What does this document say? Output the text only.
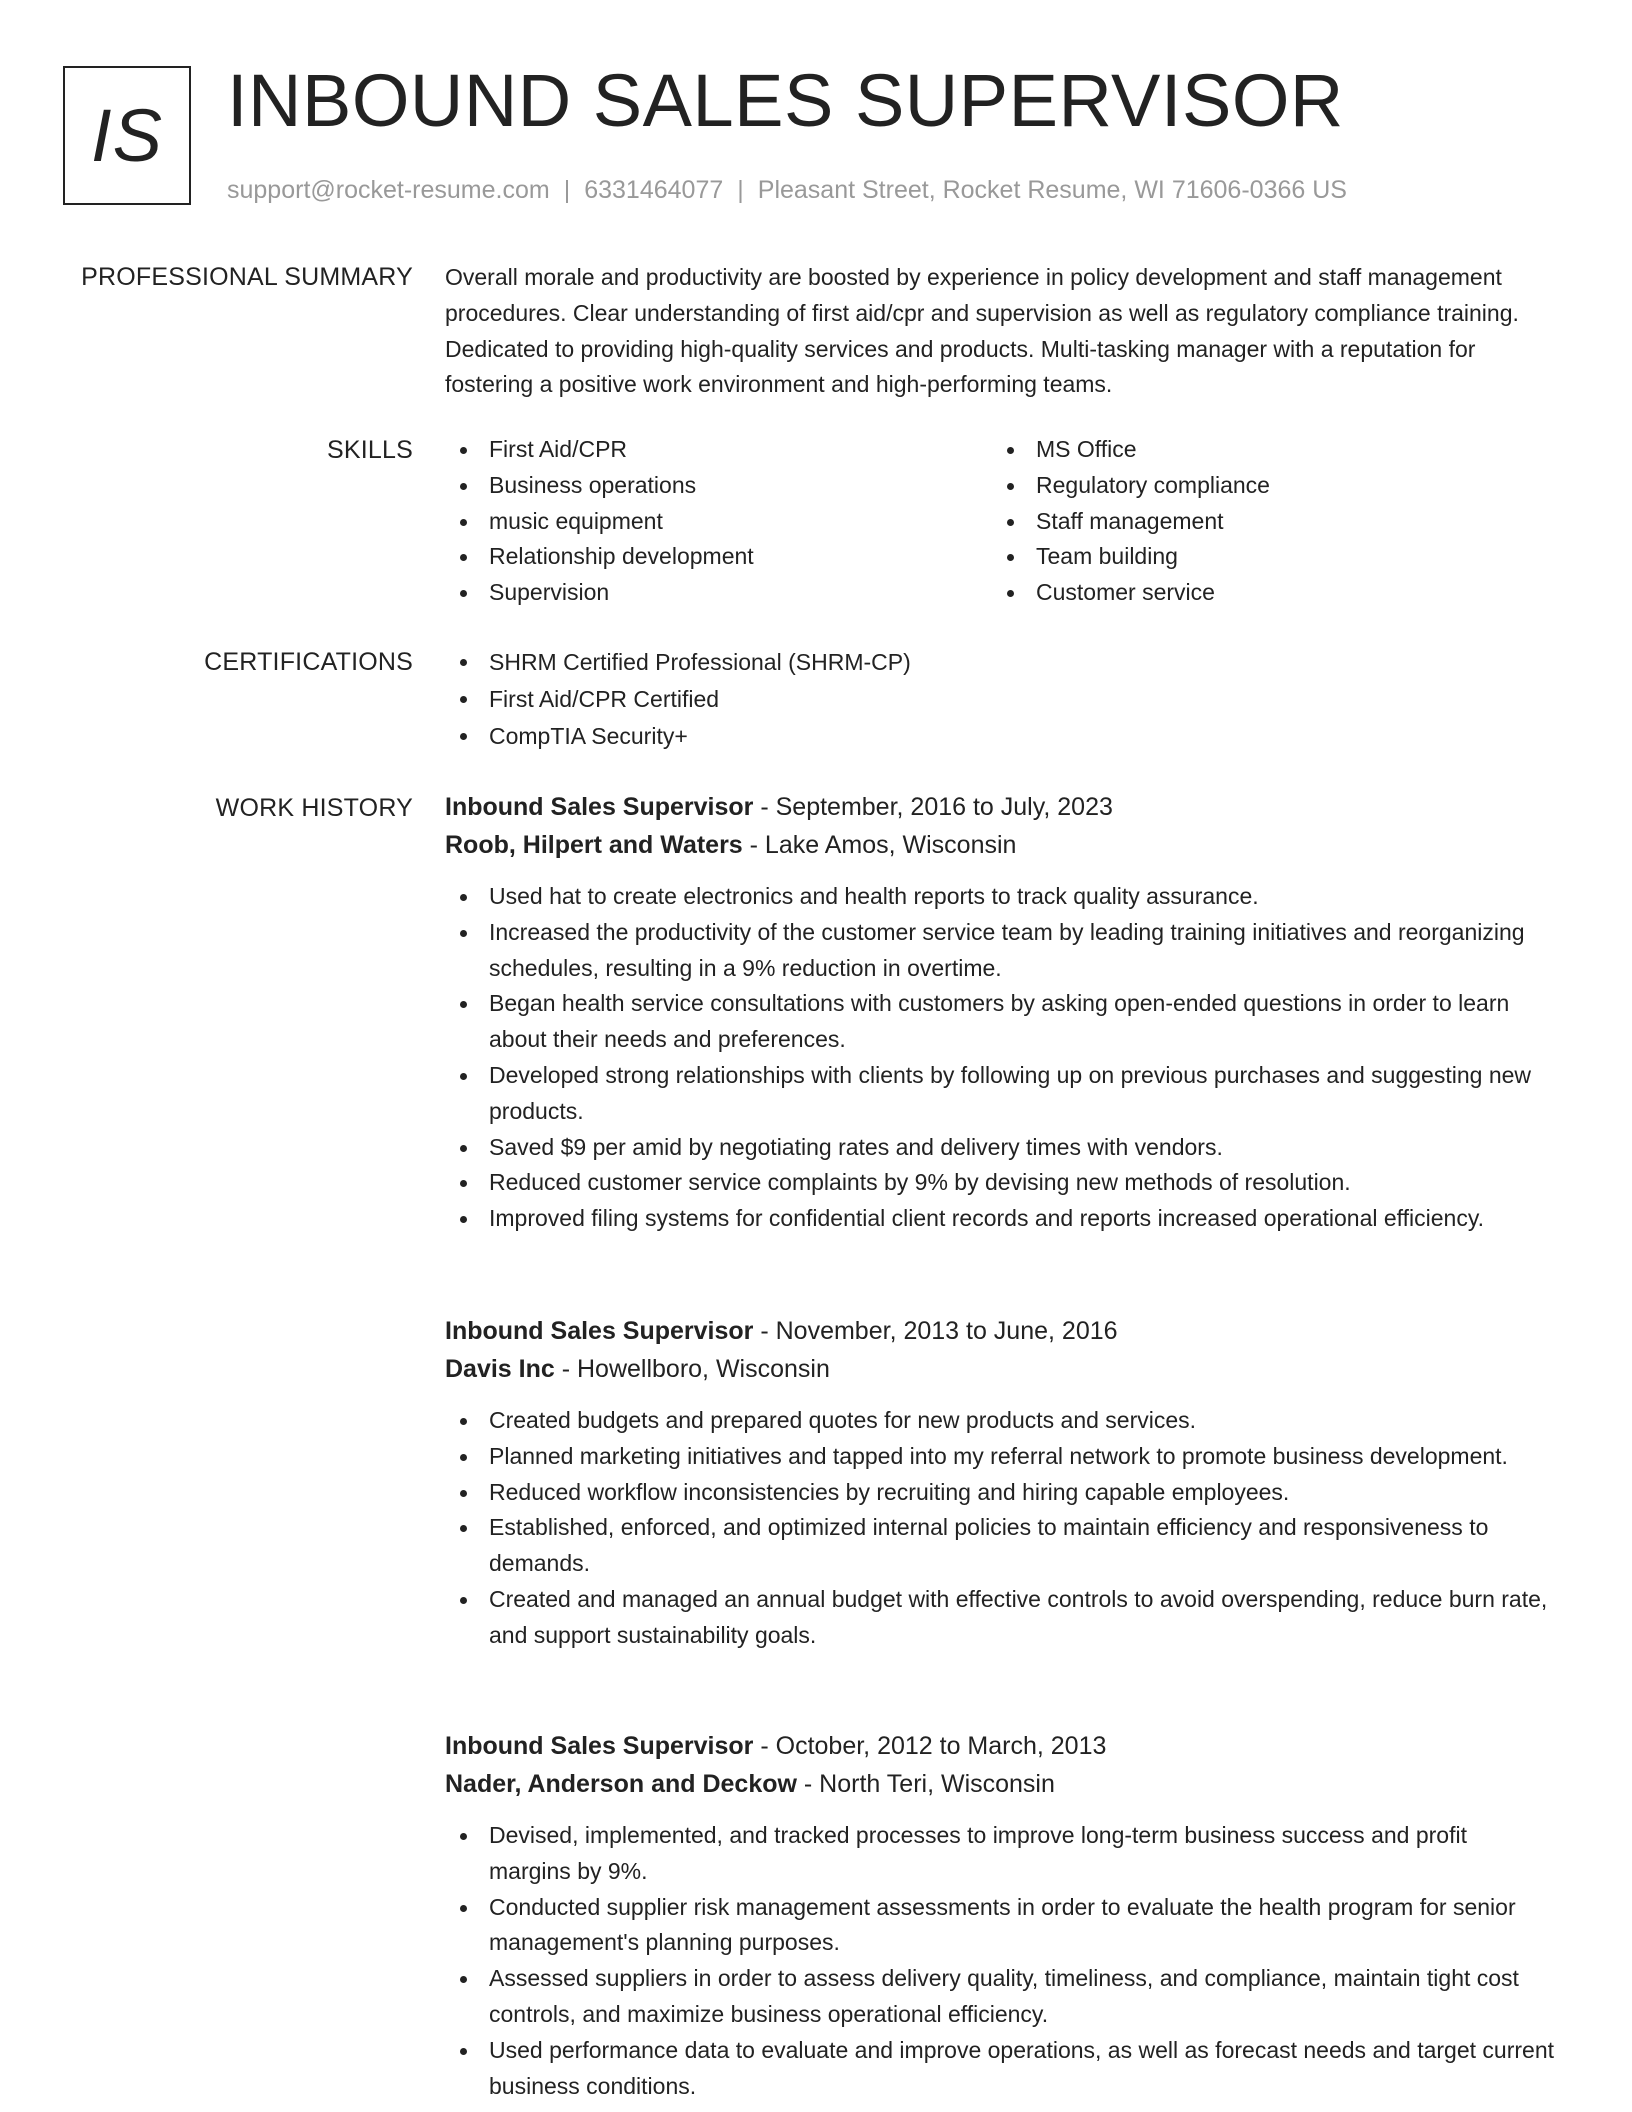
IS INBOUND SALES SUPERVISOR
support@rocket-resume.com | 6331464077 | Pleasant Street, Rocket Resume, WI 71606-0366 US
PROFESSIONAL SUMMARY Overall morale and productivity are boosted by experience in policy development and staff management procedures. Clear understanding of first aid/cpr and supervision as well as regulatory compliance training. Dedicated to providing high-quality services and products. Multi-tasking manager with a reputation for fostering a positive work environment and high-performing teams.

SKILLS	First Aid/CPR
Business operations
music equipment
Relationship development
Supervision
MS Office
Regulatory compliance
Staff management
Team building
Customer service
CERTIFICATIONS	SHRM Certified Professional (SHRM-CP)
First Aid/CPR Certified
CompTIA Security+
WORK HISTORY Inbound Sales Supervisor - September, 2016 to July, 2023
Roob, Hilpert and Waters - Lake Amos, Wisconsin
Used hat to create electronics and health reports to track quality assurance.
Increased the productivity of the customer service team by leading training initiatives and reorganizing schedules, resulting in a 9% reduction in overtime.
Began health service consultations with customers by asking open-ended questions in order to learn about their needs and preferences.
Developed strong relationships with clients by following up on previous purchases and suggesting new products.
Saved $9 per amid by negotiating rates and delivery times with vendors.
Reduced customer service complaints by 9% by devising new methods of resolution.
Improved filing systems for confidential client records and reports increased operational efficiency.
Inbound Sales Supervisor - November, 2013 to June, 2016
Davis Inc - Howellboro, Wisconsin
Created budgets and prepared quotes for new products and services.
Planned marketing initiatives and tapped into my referral network to promote business development.
Reduced workflow inconsistencies by recruiting and hiring capable employees.
Established, enforced, and optimized internal policies to maintain efficiency and responsiveness to demands.
Created and managed an annual budget with effective controls to avoid overspending, reduce burn rate, and support sustainability goals.
Inbound Sales Supervisor - October, 2012 to March, 2013
Nader, Anderson and Deckow - North Teri, Wisconsin
Devised, implemented, and tracked processes to improve long-term business success and profit margins by 9%.
Conducted supplier risk management assessments in order to evaluate the health program for senior management's planning purposes.
Assessed suppliers in order to assess delivery quality, timeliness, and compliance, maintain tight cost controls, and maximize business operational efficiency.
Used performance data to evaluate and improve operations, as well as forecast needs and target current business conditions.
